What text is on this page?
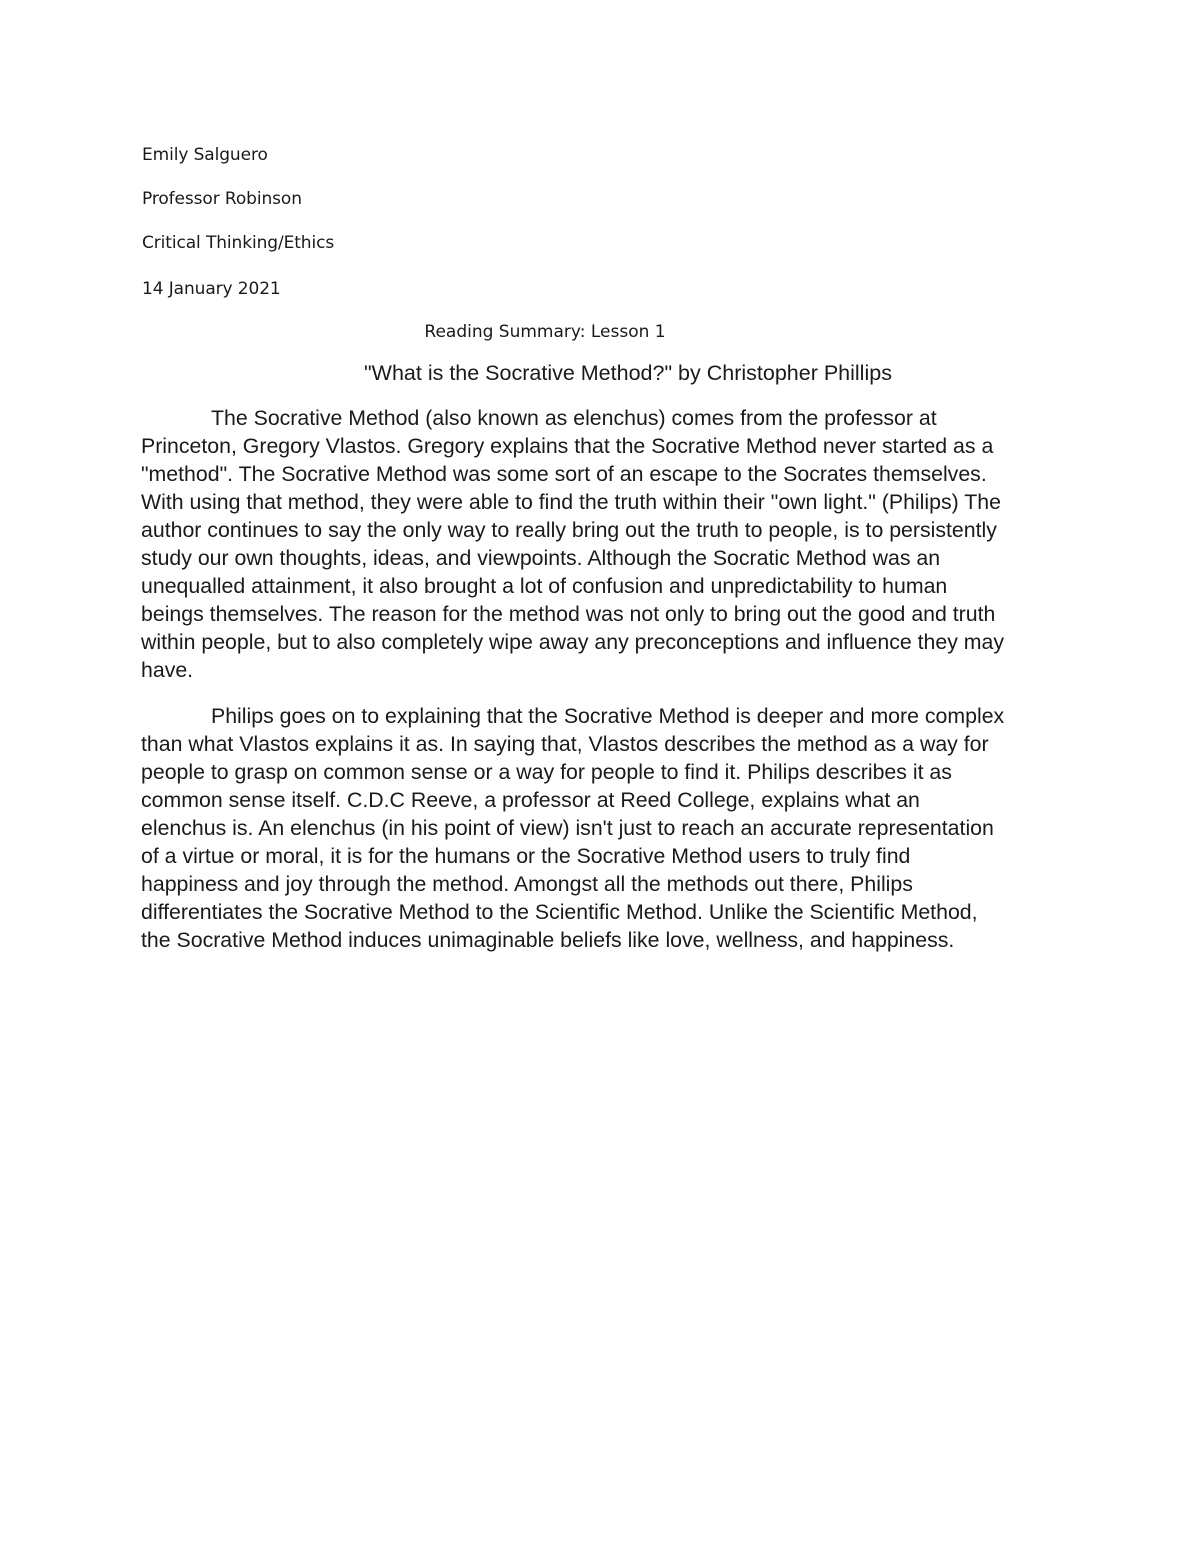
Emily Salguero
Professor Robinson
Critical Thinking/Ethics
14 January 2021
Reading Summary: Lesson 1
"What is the Socrative Method?" by Christopher Phillips
The Socrative Method (also known as elenchus) comes from the professor at
Princeton, Gregory Vlastos. Gregory explains that the Socrative Method never started as a
"method". The Socrative Method was some sort of an escape to the Socrates themselves.
With using that method, they were able to find the truth within their "own light." (Philips) The
author continues to say the only way to really bring out the truth to people, is to persistently
study our own thoughts, ideas, and viewpoints. Although the Socratic Method was an
unequalled attainment, it also brought a lot of confusion and unpredictability to human
beings themselves. The reason for the method was not only to bring out the good and truth
within people, but to also completely wipe away any preconceptions and influence they may
have.
Philips goes on to explaining that the Socrative Method is deeper and more complex
than what Vlastos explains it as. In saying that, Vlastos describes the method as a way for
people to grasp on common sense or a way for people to find it. Philips describes it as
common sense itself. C.D.C Reeve, a professor at Reed College, explains what an
elenchus is. An elenchus (in his point of view) isn't just to reach an accurate representation
of a virtue or moral, it is for the humans or the Socrative Method users to truly find
happiness and joy through the method. Amongst all the methods out there, Philips
differentiates the Socrative Method to the Scientific Method. Unlike the Scientific Method,
the Socrative Method induces unimaginable beliefs like love, wellness, and happiness.
